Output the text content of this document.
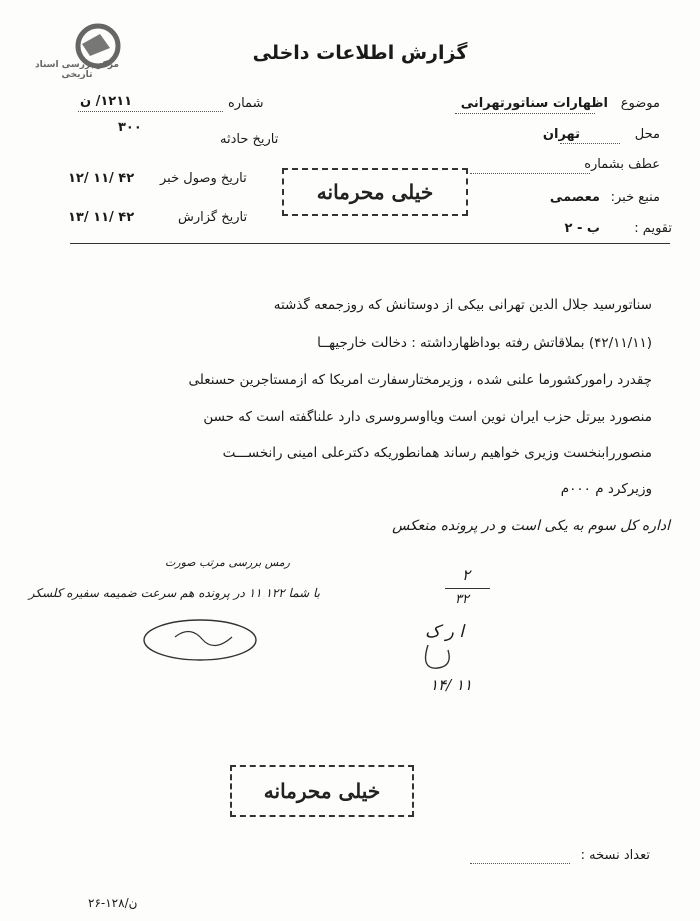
مرکز بررسی اسناد تاریخی
گزارش اطلاعات داخلی
موضوع
اظهارات سناتورتهرانی
محل
تهران
عطف بشماره
منبع خبر:
معصمی
تقویم :
ب - ۲
شماره
۱۲۱۱/ ن
تاریخ حادثه
۳۰۰
تاریخ وصول خبر
۱۲/ ۱۱/ ۴۲
تاریخ گزارش
۱۳/ ۱۱/ ۴۲
خیلی محرمانه
سناتورسید جلال الدین تهرانی بیکی از دوستانش که روزجمعه گذشته
(۴۲/۱۱/۱۱) بملاقاتش رفته بوداظهارداشته : دخالت خارجیهــا
چقدرد رامورکشورما علنی شده ، وزیرمختارسفارت امریکا که ازمستاجرین حسنعلی
منصورد بیرتل حزب ایران نوین است ویااوسروسری دارد علناگفته است که حسن
منصوررابنخست وزیری خواهیم رساند همانطوریکه دکترعلی امینی رانخســـت
وزیرکرد م ٠٠٠م
اداره کل سوم به یکی است و در پرونده منعکس
رمس بررسی مرتب صورت
با شما ۱۲۲ ۱۱ در پرونده هم سرعت ضمیمه سفیره کلسکر
۲
۳۲
ا ر ک
۱۴/ ۱۱
خیلی محرمانه
تعداد نسخه :
ن/۱۲۸-۲۶
